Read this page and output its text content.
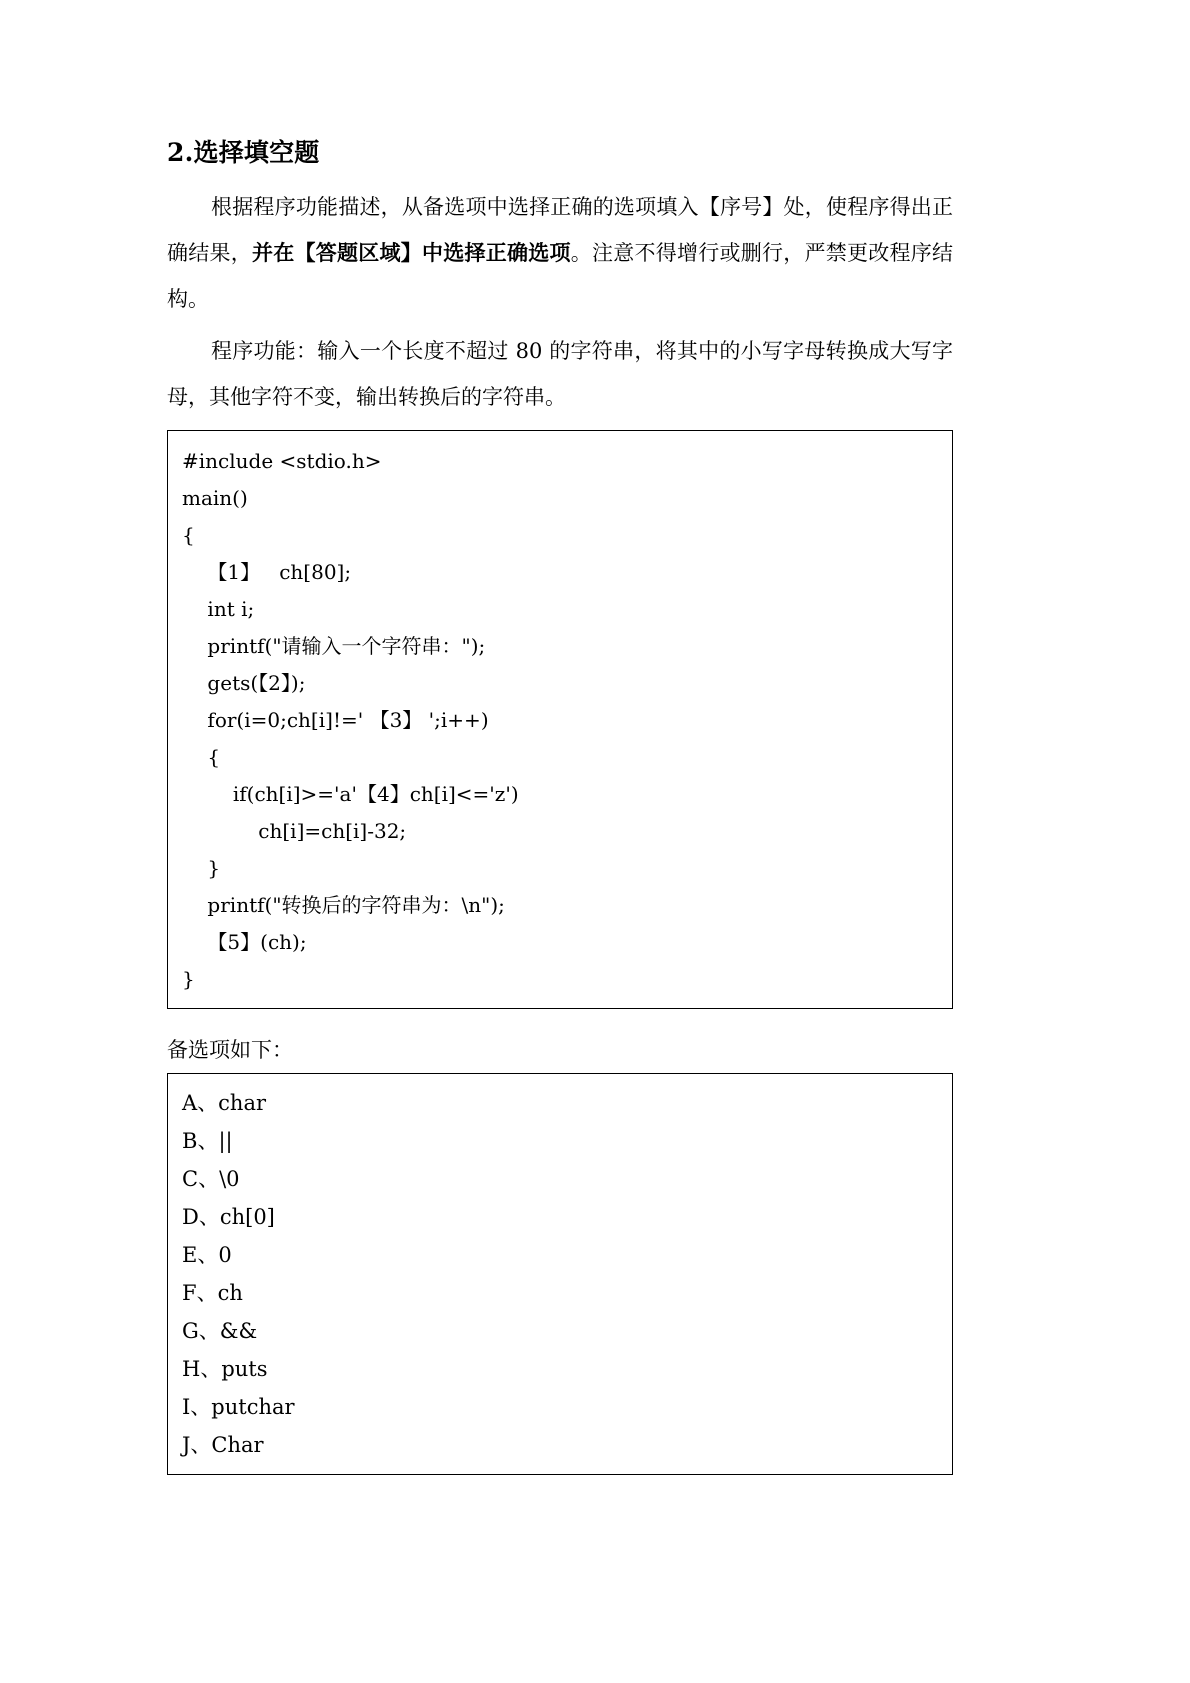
2.选择填空题

根据程序功能描述，从备选项中选择正确的选项填入【序号】处，使程序得出正确结果，并在【答题区域】中选择正确选项。注意不得增行或删行，严禁更改程序结构。

程序功能：输入一个长度不超过 80 的字符串，将其中的小写字母转换成大写字母，其他字符不变，输出转换后的字符串。

#include <stdio.h>
main()
{
【1】   ch[80];
int i;
printf("请输入一个字符串：");
gets(【2】);
for(i=0;ch[i]!=' 【3】 ';i++)
{
if(ch[i]>='a'【4】ch[i]<='z')
ch[i]=ch[i]-32;
}
printf("转换后的字符串为：\n");
【5】(ch);
}

备选项如下：

A、char
B、||
C、\0
D、ch[0]
E、0
F、ch
G、&&
H、puts
I、putchar
J、Char
